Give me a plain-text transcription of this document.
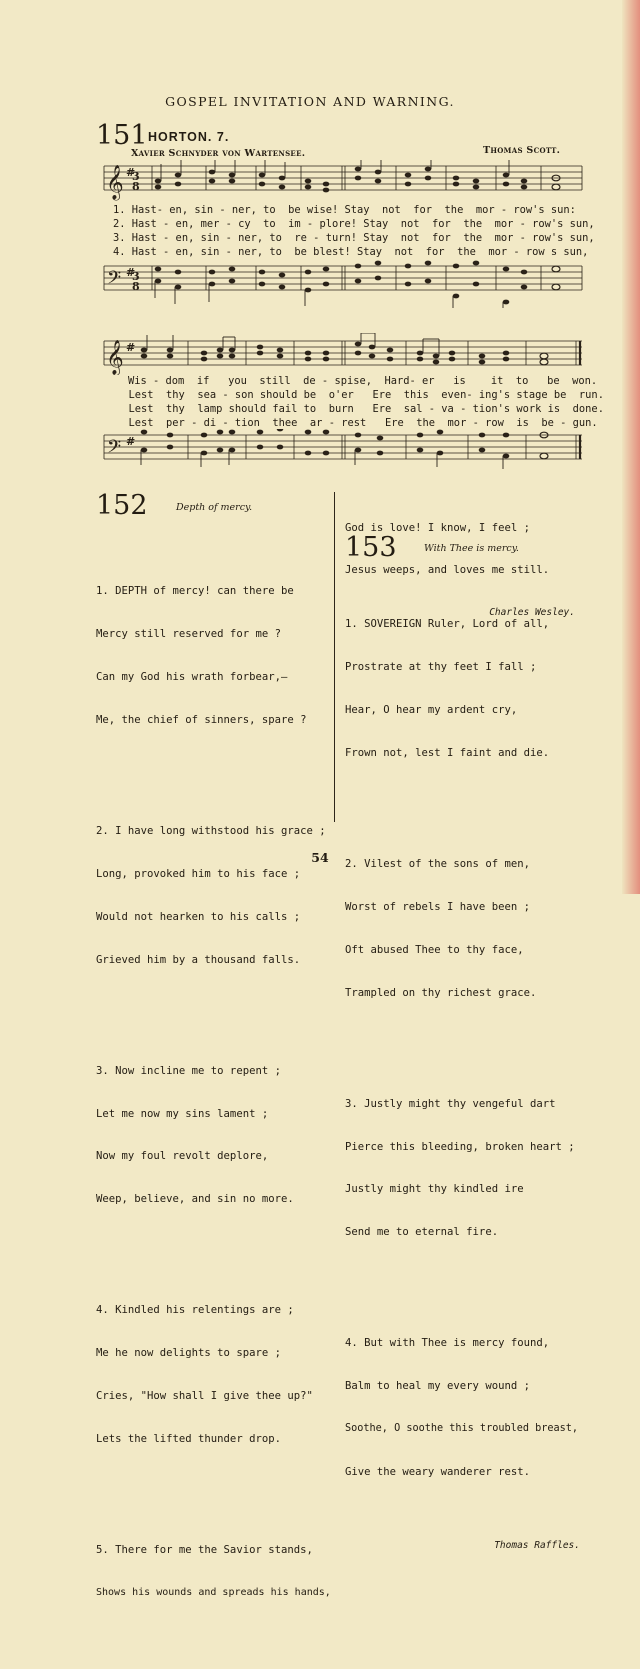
GOSPEL INVITATION AND WARNING.
151 HORTON. 7.
Xavier Schnyder von Wartensee.	Thomas Scott.
𝄞 #
3
8
1. Hast- en, sin - ner, to  be wise! Stay  not  for  the  mor - row's sun:
2. Hast - en, mer - cy  to  im - plore! Stay  not  for  the  mor - row's sun,
3. Hast - en, sin - ner, to  re - turn! Stay  not  for  the  mor - row's sun,
4. Hast - en, sin - ner, to  be blest! Stay  not  for  the  mor - row s sun,
𝄢 #
3
8
𝄞 #
Wis - dom  if   you  still  de - spise,  Hard- er   is    it  to   be  won.
Lest  thy  sea - son should be  o'er   Ere  this  even- ing's stage be  run.
Lest  thy  lamp should fail to  burn   Ere  sal - va - tion's work is  done.
Lest  per - di - tion  thee  ar - rest   Ere  the  mor - row  is  be - gun.
𝄢 #
152	Depth of mercy.

1. DEPTH of mercy! can there be

Mercy still reserved for me ?

Can my God his wrath forbear,—

Me, the chief of sinners, spare ?

2. I have long withstood his grace ;

Long, provoked him to his face ;

Would not hearken to his calls ;

Grieved him by a thousand falls.

3. Now incline me to repent ;

Let me now my sins lament ;

Now my foul revolt deplore,

Weep, believe, and sin no more.

4. Kindled his relentings are ;

Me he now delights to spare ;

Cries, "How shall I give thee up?"

Lets the lifted thunder drop.

5. There for me the Savior stands,

Shows his wounds and spreads his hands,

God is love! I know, I feel ;

Jesus weeps, and loves me still.

Charles Wesley.

153	With Thee is mercy.

1. SOVEREIGN Ruler, Lord of all,

Prostrate at thy feet I fall ;

Hear, O hear my ardent cry,

Frown not, lest I faint and die.

2. Vilest of the sons of men,

Worst of rebels I have been ;

Oft abused Thee to thy face,

Trampled on thy richest grace.

3. Justly might thy vengeful dart

Pierce this bleeding, broken heart ;

Justly might thy kindled ire

Send me to eternal fire.

4. But with Thee is mercy found,

Balm to heal my every wound ;

Soothe, O soothe this troubled breast,

Give the weary wanderer rest.

Thomas Raffles.

54
